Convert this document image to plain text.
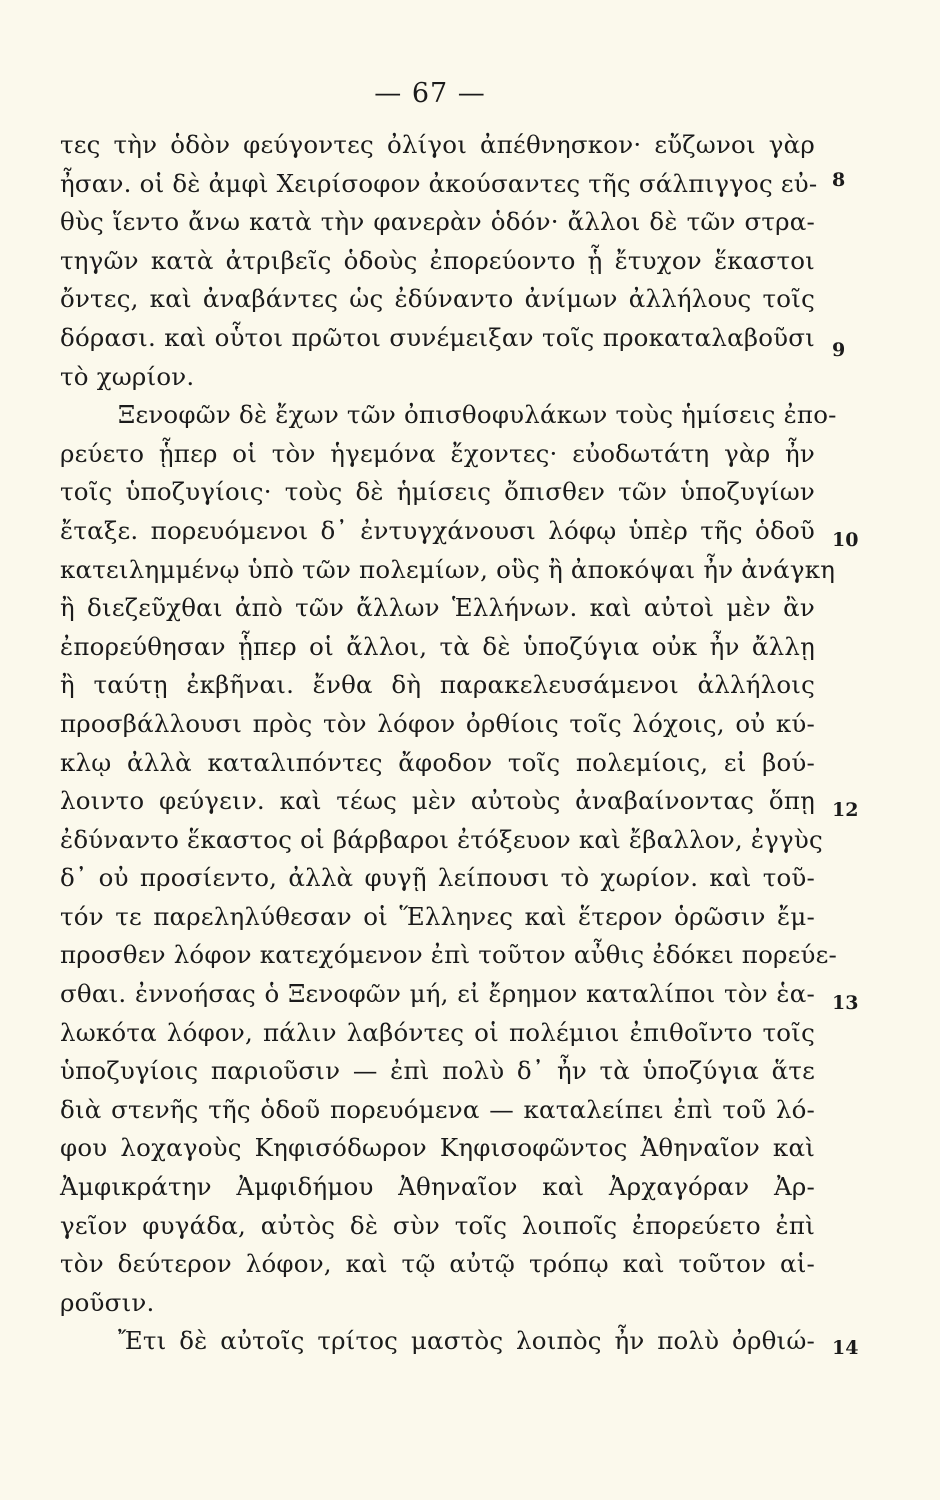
— 67 —
τες τὴν ὁδὸν φεύγοντες ὀλίγοι ἀπέθνησκον· εὔζωνοι γὰρ
ἦσαν. οἱ δὲ ἀμφὶ Χειρίσοφον ἀκούσαντες τῆς σάλπιγγος εὐ-
θὺς ἵεντο ἄνω κατὰ τὴν φανερὰν ὁδόν· ἄλλοι δὲ τῶν στρα-
τηγῶν κατὰ ἀτριβεῖς ὁδοὺς ἐπορεύοντο ᾗ ἔτυχον ἕκαστοι
ὄντες, καὶ ἀναβάντες ὡς ἐδύναντο ἀνίμων ἀλλήλους τοῖς
δόρασι. καὶ οὗτοι πρῶτοι συνέμειξαν τοῖς προκαταλαβοῦσι
τὸ χωρίον.
Ξενοφῶν δὲ ἔχων τῶν ὀπισθοφυλάκων τοὺς ἡμίσεις ἐπο-
ρεύετο ᾗπερ οἱ τὸν ἡγεμόνα ἔχοντες· εὐοδωτάτη γὰρ ἦν
τοῖς ὑποζυγίοις· τοὺς δὲ ἡμίσεις ὄπισθεν τῶν ὑποζυγίων
ἔταξε. πορευόμενοι δ᾽ ἐντυγχάνουσι λόφῳ ὑπὲρ τῆς ὁδοῦ
κατειλημμένῳ ὑπὸ τῶν πολεμίων, οὓς ἢ ἀποκόψαι ἦν ἀνάγκη
ἢ διεζεῦχθαι ἀπὸ τῶν ἄλλων Ἑλλήνων. καὶ αὐτοὶ μὲν ἂν
ἐπορεύθησαν ᾗπερ οἱ ἄλλοι, τὰ δὲ ὑποζύγια οὐκ ἦν ἄλλῃ
ἢ ταύτῃ ἐκβῆναι. ἔνθα δὴ παρακελευσάμενοι ἀλλήλοις
προσβάλλουσι πρὸς τὸν λόφον ὀρθίοις τοῖς λόχοις, οὐ κύ-
κλῳ ἀλλὰ καταλιπόντες ἄφοδον τοῖς πολεμίοις, εἰ βού-
λοιντο φεύγειν. καὶ τέως μὲν αὐτοὺς ἀναβαίνοντας ὅπῃ
ἐδύναντο ἕκαστος οἱ βάρβαροι ἐτόξευον καὶ ἔβαλλον, ἐγγὺς
δ᾽ οὐ προσίεντο, ἀλλὰ φυγῇ λείπουσι τὸ χωρίον. καὶ τοῦ-
τόν τε παρεληλύθεσαν οἱ Ἕλληνες καὶ ἕτερον ὁρῶσιν ἔμ-
προσθεν λόφον κατεχόμενον ἐπὶ τοῦτον αὖθις ἐδόκει πορεύε-
σθαι. ἐννοήσας ὁ Ξενοφῶν μή, εἰ ἔρημον καταλίποι τὸν ἑα-
λωκότα λόφον, πάλιν λαβόντες οἱ πολέμιοι ἐπιθοῖντο τοῖς
ὑποζυγίοις παριοῦσιν — ἐπὶ πολὺ δ᾽ ἦν τὰ ὑποζύγια ἅτε
διὰ στενῆς τῆς ὁδοῦ πορευόμενα — καταλείπει ἐπὶ τοῦ λό-
φου λοχαγοὺς Κηφισόδωρον Κηφισοφῶντος Ἀθηναῖον καὶ
Ἀμφικράτην Ἀμφιδήμου Ἀθηναῖον καὶ Ἀρχαγόραν Ἀρ-
γεῖον φυγάδα, αὐτὸς δὲ σὺν τοῖς λοιποῖς ἐπορεύετο ἐπὶ
τὸν δεύτερον λόφον, καὶ τῷ αὐτῷ τρόπῳ καὶ τοῦτον αἱ-
ροῦσιν.
Ἔτι δὲ αὐτοῖς τρίτος μαστὸς λοιπὸς ἦν πολὺ ὀρθιώ-
8
9
10
12
13
14
